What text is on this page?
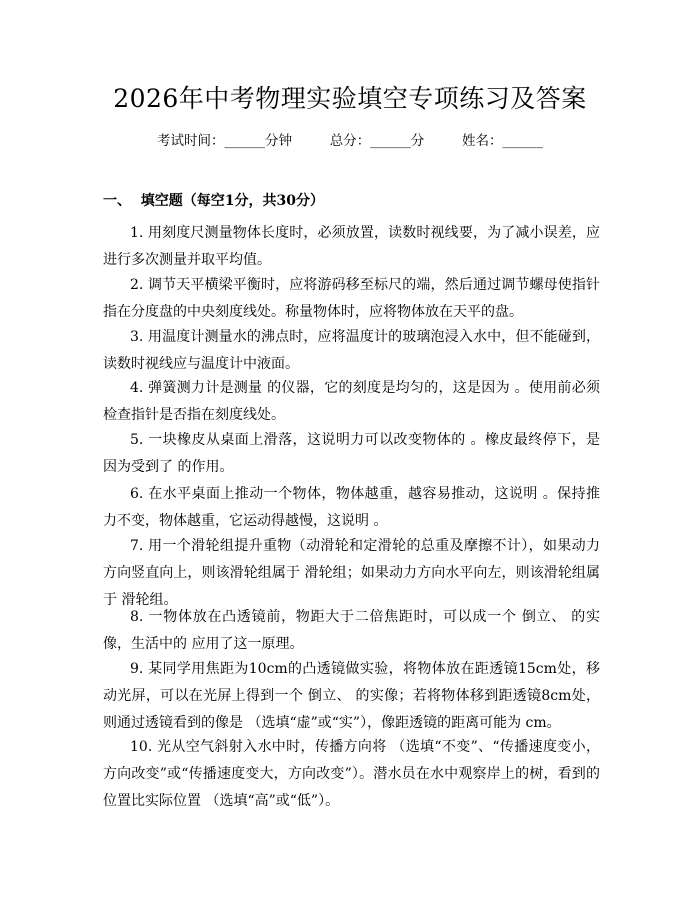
2026年中考物理实验填空专项练习及答案
考试时间：______分钟      总分：______分      姓名：______
一、  填空题（每空1分，共30分）

1. 用刻度尺测量物体长度时，必须放置，读数时视线要，为了减小误差，应进行多次测量并取平均值。

2. 调节天平横梁平衡时，应将游码移至标尺的端，然后通过调节螺母使指针指在分度盘的中央刻度线处。称量物体时，应将物体放在天平的盘。

3. 用温度计测量水的沸点时，应将温度计的玻璃泡浸入水中，但不能碰到，读数时视线应与温度计中液面。

4. 弹簧测力计是测量 的仪器，它的刻度是均匀的，这是因为 。使用前必须检查指针是否指在刻度线处。

5. 一块橡皮从桌面上滑落，这说明力可以改变物体的 。橡皮最终停下，是因为受到了 的作用。

6. 在水平桌面上推动一个物体，物体越重，越容易推动，这说明 。保持推力不变，物体越重，它运动得越慢，这说明 。

7. 用一个滑轮组提升重物（动滑轮和定滑轮的总重及摩擦不计），如果动力方向竖直向上，则该滑轮组属于 滑轮组；如果动力方向水平向左，则该滑轮组属于 滑轮组。

8. 一物体放在凸透镜前，物距大于二倍焦距时，可以成一个 倒立、 的实像，生活中的 应用了这一原理。

9. 某同学用焦距为10cm的凸透镜做实验，将物体放在距透镜15cm处，移动光屏，可以在光屏上得到一个 倒立、 的实像；若将物体移到距透镜8cm处，则通过透镜看到的像是 （选填“虚”或“实”），像距透镜的距离可能为 cm。

10. 光从空气斜射入水中时，传播方向将 （选填“不变”、“传播速度变小，方向改变”或“传播速度变大，方向改变”）。潜水员在水中观察岸上的树，看到的位置比实际位置 （选填“高”或“低”）。
